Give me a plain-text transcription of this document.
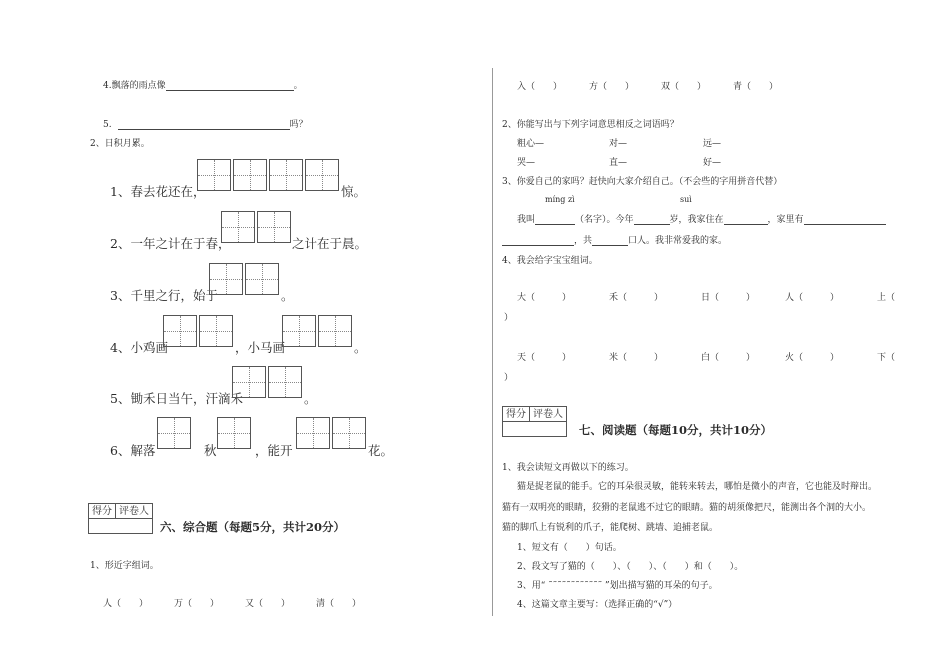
4.飘落的雨点像	。
5.	吗？
2、日积月累。
1、春去花还在，	惊。
2、一年之计在于春，	之计在于晨。
3、千里之行，始于	。
4、小鸡画	，小马画	。
5、锄禾日当午，汗滴禾	。
6、解落	秋	，能开	花。
得分 评卷人
六、综合题（每题5分，共计20分）
1、形近字组词。
人（　　）	万（　　）	又（　　）	清（　　）
入（　　）	方（　　）	双（　　）	青（　　）
2、你能写出与下列字词意思相反之词语吗？
粗心—	对—	远—
哭—	直—	好—
3、你爱自己的家吗？赶快向大家介绍自己。（不会些的字用拼音代替）
míng zì	suì
我叫	（名字）。今年	岁，我家住在	，家里有
，共	口人。我非常爱我的家。
4、我会给字宝宝组词。
大（　　　）	禾（　　　）	日（　　　）	人（　　　）	上（
）
天（　　　）	米（　　　）	白（　　　）	火（　　　）	下（
）
得分 评卷人
七、阅读题（每题10分，共计10分）
1、我会读短文再做以下的练习。
猫是捉老鼠的能手。它的耳朵很灵敏，能转来转去，哪怕是微小的声音，它也能及时辩出。
猫有一双明亮的眼睛，狡猾的老鼠逃不过它的眼睛。猫的胡须像把尺，能测出各个洞的大小。
猫的脚爪上有锐利的爪子，能爬树、跳墙、追捕老鼠。
1、短文有（　　）句话。
2、段文写了猫的（　　）、（　　）、（　　）和（　　）。
3、用“ ˜˜˜˜˜˜˜˜˜˜˜˜ ”划出描写猫的耳朵的句子。
4、这篇文章主要写：（选择正确的“√”）
